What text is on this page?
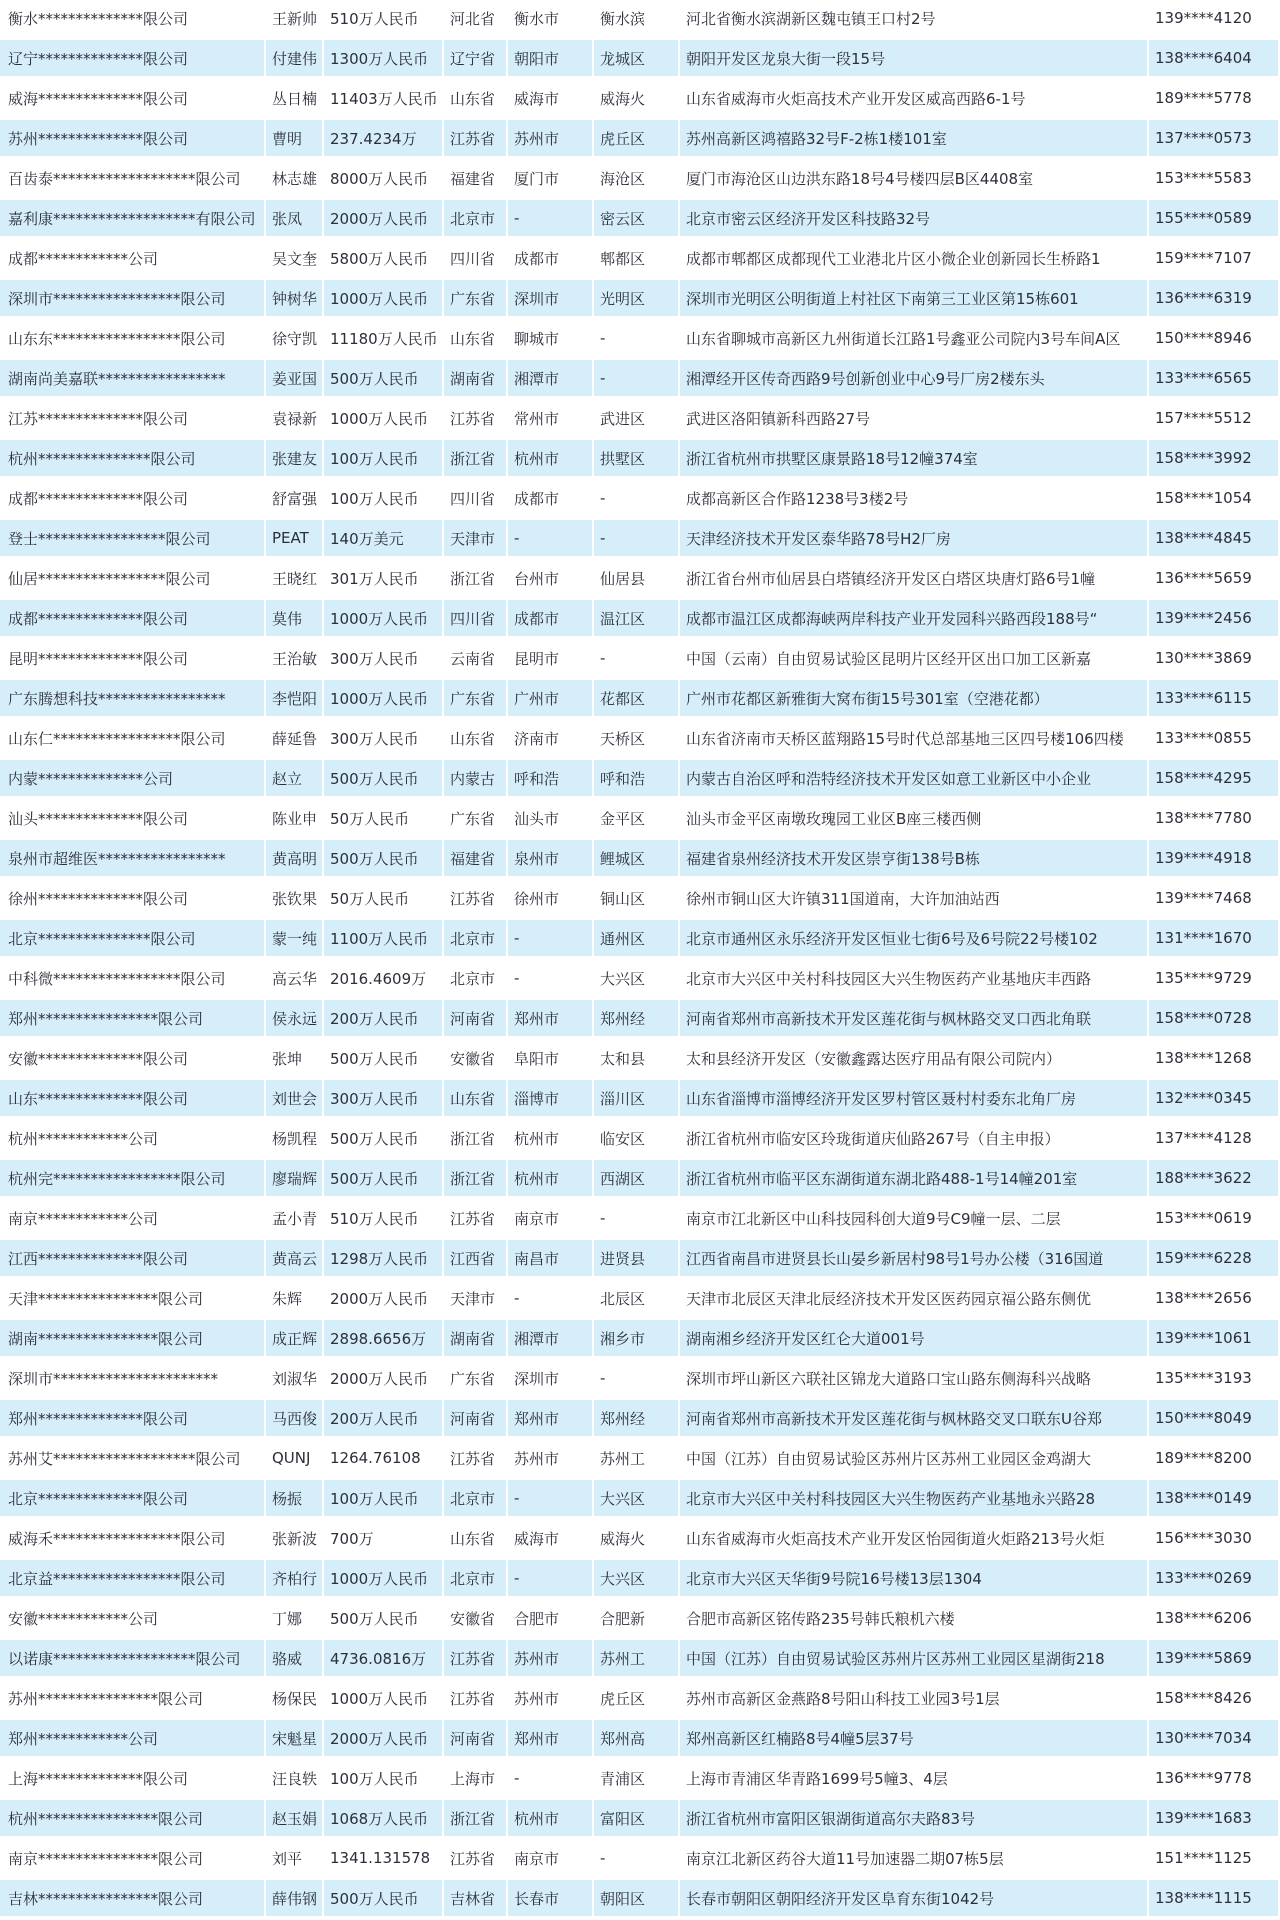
衡水**************限公司	王新帅	510万人民币	河北省	衡水市	衡水滨	河北省衡水滨湖新区魏屯镇王口村2号	139****4120
辽宁**************限公司	付建伟	1300万人民币	辽宁省	朝阳市	龙城区	朝阳开发区龙泉大街一段15号	138****6404
威海**************限公司	丛日楠	11403万人民币	山东省	威海市	威海火	山东省威海市火炬高技术产业开发区威高西路6-1号	189****5778
苏州**************限公司	曹明	237.4234万	江苏省	苏州市	虎丘区	苏州高新区鸿禧路32号F-2栋1楼101室	137****0573
百齿泰*******************限公司	林志雄	8000万人民币	福建省	厦门市	海沧区	厦门市海沧区山边洪东路18号4号楼四层B区4408室	153****5583
嘉利康*******************有限公司	张凤	2000万人民币	北京市	-	密云区	北京市密云区经济开发区科技路32号	155****0589
成都************公司	吴文奎	5800万人民币	四川省	成都市	郫都区	成都市郫都区成都现代工业港北片区小微企业创新园长生桥路1	159****7107
深圳市*****************限公司	钟树华	1000万人民币	广东省	深圳市	光明区	深圳市光明区公明街道上村社区下南第三工业区第15栋601	136****6319
山东东*****************限公司	徐守凯	11180万人民币	山东省	聊城市	-	山东省聊城市高新区九州街道长江路1号鑫亚公司院内3号车间A区	150****8946
湖南尚美嘉联*****************	姜亚国	500万人民币	湖南省	湘潭市	-	湘潭经开区传奇西路9号创新创业中心9号厂房2楼东头	133****6565
江苏**************限公司	袁禄新	1000万人民币	江苏省	常州市	武进区	武进区洛阳镇新科西路27号	157****5512
杭州***************限公司	张建友	100万人民币	浙江省	杭州市	拱墅区	浙江省杭州市拱墅区康景路18号12幢374室	158****3992
成都**************限公司	舒富强	100万人民币	四川省	成都市	-	成都高新区合作路1238号3楼2号	158****1054
登士*****************限公司	PEAT	140万美元	天津市	-	-	天津经济技术开发区泰华路78号H2厂房	138****4845
仙居*****************限公司	王晓红	301万人民币	浙江省	台州市	仙居县	浙江省台州市仙居县白塔镇经济开发区白塔区块唐灯路6号1幢	136****5659
成都**************限公司	莫伟	1000万人民币	四川省	成都市	温江区	成都市温江区成都海峡两岸科技产业开发园科兴路西段188号“	139****2456
昆明**************限公司	王治敏	300万人民币	云南省	昆明市	-	中国（云南）自由贸易试验区昆明片区经开区出口加工区新嘉	130****3869
广东腾想科技*****************	李恺阳	1000万人民币	广东省	广州市	花都区	广州市花都区新雅街大窝布街15号301室（空港花都）	133****6115
山东仁*****************限公司	薛延鲁	300万人民币	山东省	济南市	天桥区	山东省济南市天桥区蓝翔路15号时代总部基地三区四号楼106四楼	133****0855
内蒙**************公司	赵立	500万人民币	内蒙古	呼和浩	呼和浩	内蒙古自治区呼和浩特经济技术开发区如意工业新区中小企业	158****4295
汕头**************限公司	陈业申	50万人民币	广东省	汕头市	金平区	汕头市金平区南墩玫瑰园工业区B座三楼西侧	138****7780
泉州市超维医*****************	黄高明	500万人民币	福建省	泉州市	鲤城区	福建省泉州经济技术开发区崇亨街138号B栋	139****4918
徐州**************限公司	张钦果	50万人民币	江苏省	徐州市	铜山区	徐州市铜山区大许镇311国道南，大许加油站西	139****7468
北京***************限公司	蒙一纯	1100万人民币	北京市	-	通州区	北京市通州区永乐经济开发区恒业七街6号及6号院22号楼102	131****1670
中科微*****************限公司	高云华	2016.4609万	北京市	-	大兴区	北京市大兴区中关村科技园区大兴生物医药产业基地庆丰西路	135****9729
郑州****************限公司	侯永远	200万人民币	河南省	郑州市	郑州经	河南省郑州市高新技术开发区莲花街与枫林路交叉口西北角联	158****0728
安徽**************限公司	张坤	500万人民币	安徽省	阜阳市	太和县	太和县经济开发区（安徽鑫露达医疗用品有限公司院内）	138****1268
山东**************限公司	刘世会	300万人民币	山东省	淄博市	淄川区	山东省淄博市淄博经济开发区罗村管区聂村村委东北角厂房	132****0345
杭州************公司	杨凯程	500万人民币	浙江省	杭州市	临安区	浙江省杭州市临安区玲珑街道庆仙路267号（自主申报）	137****4128
杭州完*****************限公司	廖瑞辉	500万人民币	浙江省	杭州市	西湖区	浙江省杭州市临平区东湖街道东湖北路488-1号14幢201室	188****3622
南京************公司	孟小青	510万人民币	江苏省	南京市	-	南京市江北新区中山科技园科创大道9号C9幢一层、二层	153****0619
江西**************限公司	黄高云	1298万人民币	江西省	南昌市	进贤县	江西省南昌市进贤县长山晏乡新居村98号1号办公楼（316国道	159****6228
天津****************限公司	朱辉	2000万人民币	天津市	-	北辰区	天津市北辰区天津北辰经济技术开发区医药园京福公路东侧优	138****2656
湖南****************限公司	成正辉	2898.6656万	湖南省	湘潭市	湘乡市	湖南湘乡经济开发区红仑大道001号	139****1061
深圳市**********************	刘淑华	2000万人民币	广东省	深圳市	-	深圳市坪山新区六联社区锦龙大道路口宝山路东侧海科兴战略	135****3193
郑州**************限公司	马西俊	200万人民币	河南省	郑州市	郑州经	河南省郑州市高新技术开发区莲花街与枫林路交叉口联东U谷郑	150****8049
苏州艾*******************限公司	QUNJ	1264.76108	江苏省	苏州市	苏州工	中国（江苏）自由贸易试验区苏州片区苏州工业园区金鸡湖大	189****8200
北京**************限公司	杨振	100万人民币	北京市	-	大兴区	北京市大兴区中关村科技园区大兴生物医药产业基地永兴路28	138****0149
威海禾*****************限公司	张新波	700万	山东省	威海市	威海火	山东省威海市火炬高技术产业开发区怡园街道火炬路213号火炬	156****3030
北京益*****************限公司	齐柏行	1000万人民币	北京市	-	大兴区	北京市大兴区天华街9号院16号楼13层1304	133****0269
安徽************公司	丁娜	500万人民币	安徽省	合肥市	合肥新	合肥市高新区铭传路235号韩氏粮机六楼	138****6206
以诺康*******************限公司	骆威	4736.0816万	江苏省	苏州市	苏州工	中国（江苏）自由贸易试验区苏州片区苏州工业园区星湖街218	139****5869
苏州****************限公司	杨保民	1000万人民币	江苏省	苏州市	虎丘区	苏州市高新区金燕路8号阳山科技工业园3号1层	158****8426
郑州************公司	宋魁星	2000万人民币	河南省	郑州市	郑州高	郑州高新区红楠路8号4幢5层37号	130****7034
上海**************限公司	汪良轶	100万人民币	上海市	-	青浦区	上海市青浦区华青路1699号5幢3、4层	136****9778
杭州****************限公司	赵玉娟	1068万人民币	浙江省	杭州市	富阳区	浙江省杭州市富阳区银湖街道高尔夫路83号	139****1683
南京****************限公司	刘平	1341.131578	江苏省	南京市	-	南京江北新区药谷大道11号加速器二期07栋5层	151****1125
吉林****************限公司	薛伟钢	500万人民币	吉林省	长春市	朝阳区	长春市朝阳区朝阳经济开发区阜育东街1042号	138****1115
